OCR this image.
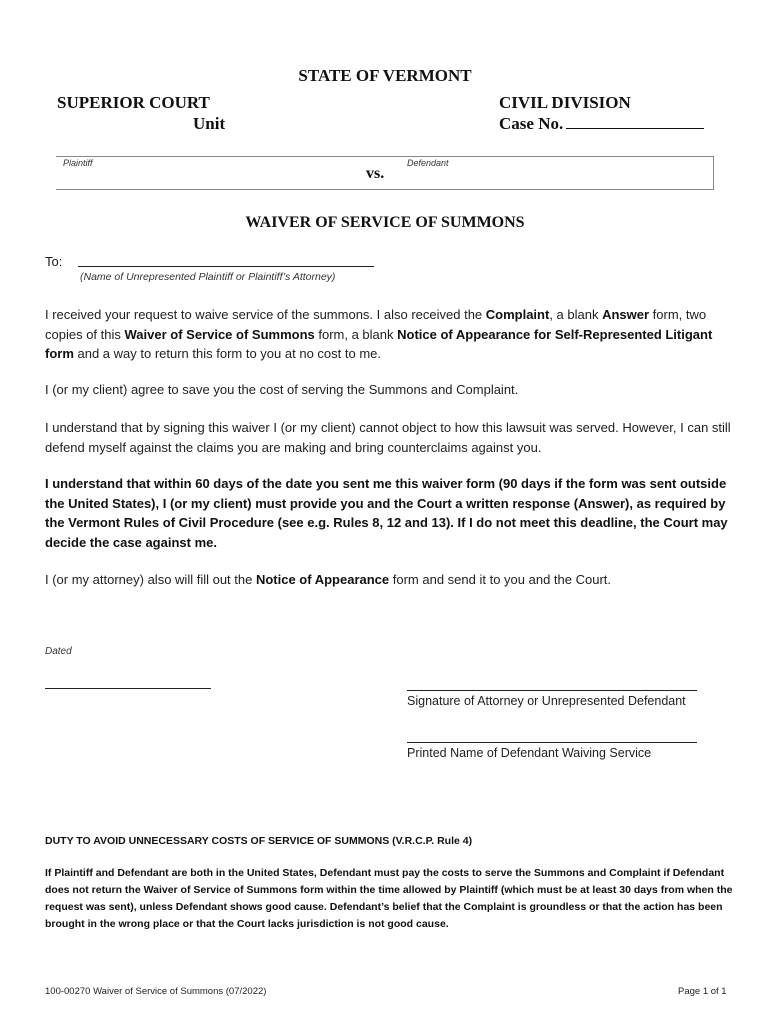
STATE OF VERMONT
SUPERIOR COURT
Unit
CIVIL DIVISION
Case No.
Plaintiff	Defendant
vs.
WAIVER OF SERVICE OF SUMMONS
To:
(Name of Unrepresented Plaintiff or Plaintiff’s Attorney)
I received your request to waive service of the summons. I also received the Complaint, a blank Answer form, two copies of this Waiver of Service of Summons form, a blank Notice of Appearance for Self-Represented Litigant form and a way to return this form to you at no cost to me.
I (or my client) agree to save you the cost of serving the Summons and Complaint.
I understand that by signing this waiver I (or my client) cannot object to how this lawsuit was served. However, I can still defend myself against the claims you are making and bring counterclaims against you.
I understand that within 60 days of the date you sent me this waiver form (90 days if the form was sent outside the United States), I (or my client) must provide you and the Court a written response (Answer), as required by the Vermont Rules of Civil Procedure (see e.g. Rules 8, 12 and 13). If I do not meet this deadline, the Court may decide the case against me.
I (or my attorney) also will fill out the Notice of Appearance form and send it to you and the Court.
Dated
Signature of Attorney or Unrepresented Defendant
Printed Name of Defendant Waiving Service
DUTY TO AVOID UNNECESSARY COSTS OF SERVICE OF SUMMONS (V.R.C.P. Rule 4)
If Plaintiff and Defendant are both in the United States, Defendant must pay the costs to serve the Summons and Complaint if Defendant does not return the Waiver of Service of Summons form within the time allowed by Plaintiff (which must be at least 30 days from when the request was sent), unless Defendant shows good cause. Defendant’s belief that the Complaint is groundless or that the action has been brought in the wrong place or that the Court lacks jurisdiction is not good cause.
100-00270 Waiver of Service of Summons (07/2022)	Page 1 of 1
